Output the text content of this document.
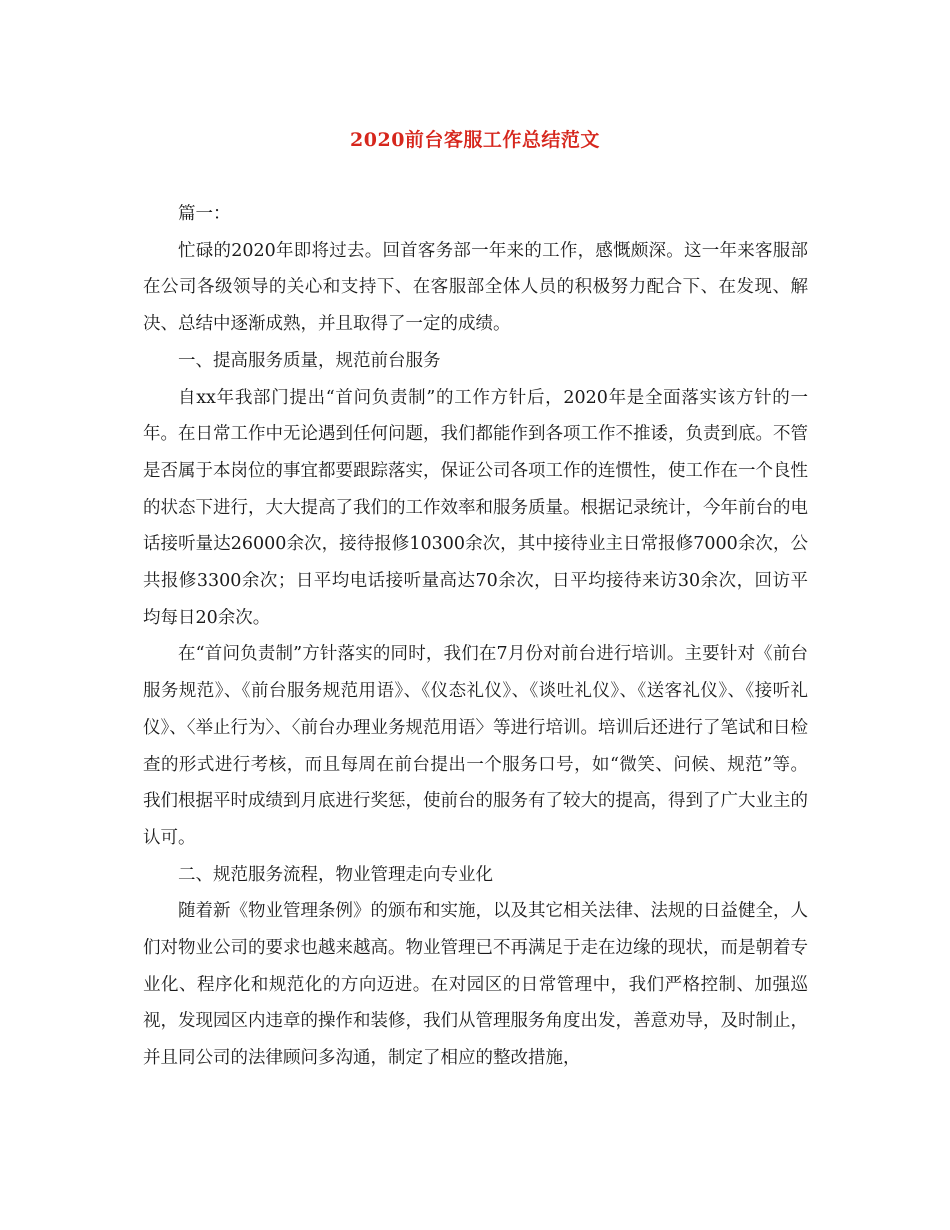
2020前台客服工作总结范文

篇一：

忙碌的2020年即将过去。回首客务部一年来的工作，感慨颇深。这一年来客服部在公司各级领导的关心和支持下、在客服部全体人员的积极努力配合下、在发现、解决、总结中逐渐成熟，并且取得了一定的成绩。

一、提高服务质量，规范前台服务

自xx年我部门提出“首问负责制”的工作方针后，2020年是全面落实该方针的一年。在日常工作中无论遇到任何问题，我们都能作到各项工作不推诿，负责到底。不管是否属于本岗位的事宜都要跟踪落实，保证公司各项工作的连惯性，使工作在一个良性的状态下进行，大大提高了我们的工作效率和服务质量。根据记录统计，今年前台的电话接听量达26000余次，接待报修10300余次，其中接待业主日常报修7000余次，公共报修3300余次；日平均电话接听量高达70余次，日平均接待来访30余次，回访平均每日20余次。

在“首问负责制”方针落实的同时，我们在7月份对前台进行培训。主要针对《前台服务规范》、《前台服务规范用语》、《仪态礼仪》、《谈吐礼仪》、《送客礼仪》、《接听礼仪》、〈举止行为〉、〈前台办理业务规范用语〉等进行培训。培训后还进行了笔试和日检查的形式进行考核，而且每周在前台提出一个服务口号，如“微笑、问候、规范”等。我们根据平时成绩到月底进行奖惩，使前台的服务有了较大的提高，得到了广大业主的认可。

二、规范服务流程，物业管理走向专业化

随着新《物业管理条例》的颁布和实施，以及其它相关法律、法规的日益健全，人们对物业公司的要求也越来越高。物业管理已不再满足于走在边缘的现状，而是朝着专业化、程序化和规范化的方向迈进。在对园区的日常管理中，我们严格控制、加强巡视，发现园区内违章的操作和装修，我们从管理服务角度出发，善意劝导，及时制止，并且同公司的法律顾问多沟通，制定了相应的整改措施，
